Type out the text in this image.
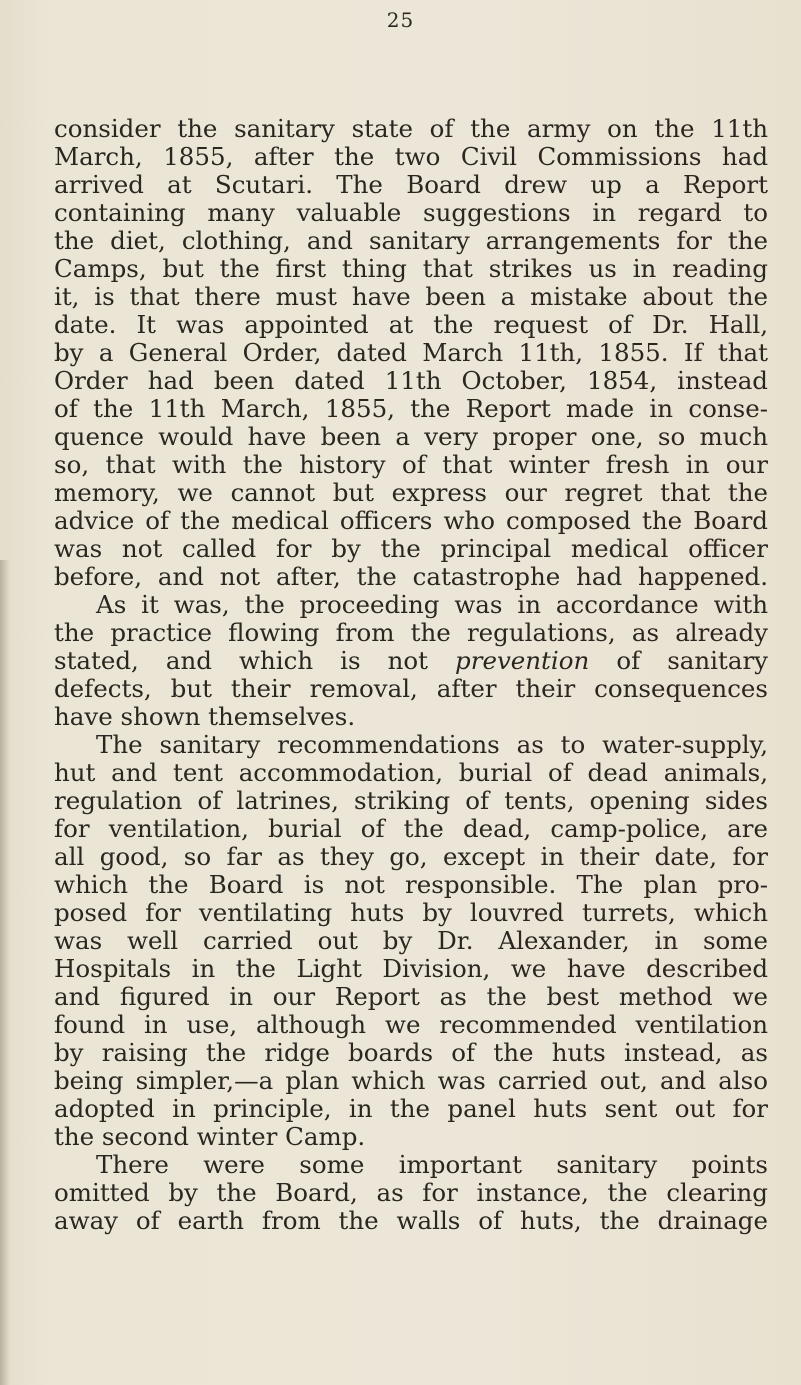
25
consider the sanitary state of the army on the 11th
March, 1855, after the two Civil Commissions had
arrived at Scutari. The Board drew up a Report
containing many valuable suggestions in regard to
the diet, clothing, and sanitary arrangements for the
Camps, but the first thing that strikes us in reading
it, is that there must have been a mistake about the
date. It was appointed at the request of Dr. Hall,
by a General Order, dated March 11th, 1855. If that
Order had been dated 11th October, 1854, instead
of the 11th March, 1855, the Report made in conse-
quence would have been a very proper one, so much
so, that with the history of that winter fresh in our
memory, we cannot but express our regret that the
advice of the medical officers who composed the Board
was not called for by the principal medical officer
before, and not after, the catastrophe had happened.
As it was, the proceeding was in accordance with
the practice flowing from the regulations, as already
stated, and which is not prevention of sanitary
defects, but their removal, after their consequences
have shown themselves.
The sanitary recommendations as to water-supply,
hut and tent accommodation, burial of dead animals,
regulation of latrines, striking of tents, opening sides
for ventilation, burial of the dead, camp-police, are
all good, so far as they go, except in their date, for
which the Board is not responsible. The plan pro-
posed for ventilating huts by louvred turrets, which
was well carried out by Dr. Alexander, in some
Hospitals in the Light Division, we have described
and figured in our Report as the best method we
found in use, although we recommended ventilation
by raising the ridge boards of the huts instead, as
being simpler,—a plan which was carried out, and also
adopted in principle, in the panel huts sent out for
the second winter Camp.
There were some important sanitary points
omitted by the Board, as for instance, the clearing
away of earth from the walls of huts, the drainage
